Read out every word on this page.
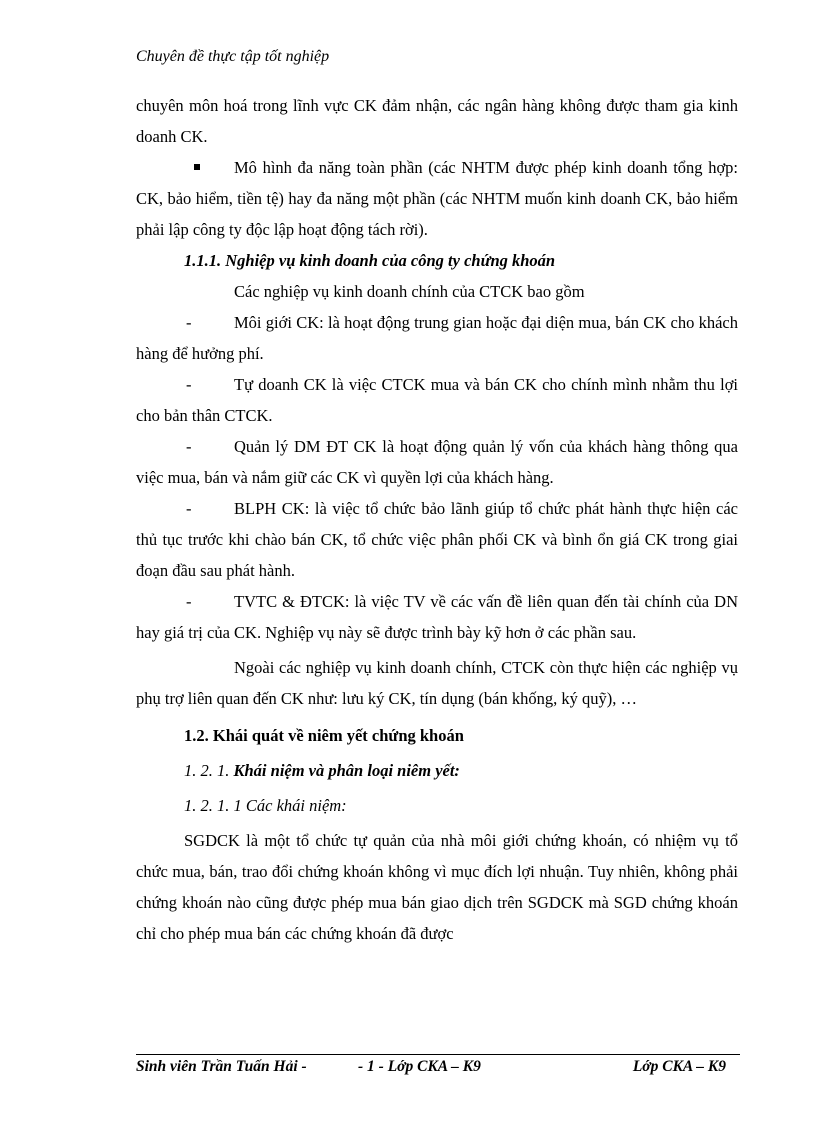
Chuyên đề thực tập tốt nghiệp

chuyên môn hoá trong lĩnh vực CK đảm nhận, các ngân hàng không được tham gia kinh doanh CK.

Mô hình đa năng toàn phần (các NHTM được phép kinh doanh tổng hợp: CK, bảo hiểm, tiền tệ) hay đa năng một phần (các NHTM muốn kinh doanh CK, bảo hiểm phải lập công ty độc lập hoạt động tách rời).

1.1.1. Nghiệp vụ kinh doanh của công ty chứng khoán

Các nghiệp vụ kinh doanh chính của CTCK bao gồm

-	Môi giới CK: là hoạt động trung gian hoặc đại diện mua, bán CK cho khách hàng để hưởng phí.

-	Tự doanh CK là việc CTCK mua và bán CK cho chính mình nhằm thu lợi cho bản thân CTCK.

-	Quản lý DM ĐT CK là hoạt động quản lý vốn của khách hàng thông qua việc mua, bán và nắm giữ các CK vì quyền lợi của khách hàng.

-	BLPH CK: là việc tổ chức bảo lãnh giúp tổ chức phát hành thực hiện các thủ tục trước khi chào bán CK, tổ chức việc phân phối CK và bình ổn giá CK trong giai đoạn đầu sau phát hành.

-	TVTC & ĐTCK: là việc TV về các vấn đề liên quan đến tài chính của DN hay giá trị của CK. Nghiệp vụ này sẽ được trình bày kỹ hơn ở các phần sau.

Ngoài các nghiệp vụ kinh doanh chính, CTCK còn thực hiện các nghiệp vụ phụ trợ liên quan đến CK như: lưu ký CK, tín dụng (bán khống, ký quỹ), …

1.2. Khái quát về niêm yết chứng khoán

1. 2. 1. Khái niệm và phân loại niêm yết:

1. 2. 1. 1 Các khái niệm:

SGDCK là một tổ chức tự quản của nhà môi giới chứng khoán, có nhiệm vụ tổ chức mua, bán, trao đổi chứng khoán không vì mục đích lợi nhuận. Tuy nhiên, không phải chứng khoán nào cũng được phép mua bán giao dịch trên SGDCK mà SGD chứng khoán chỉ cho phép mua bán các chứng khoán đã được

Sinh viên Trần Tuấn Hải -	- 1 - Lớp CKA – K9	Lớp CKA – K9
